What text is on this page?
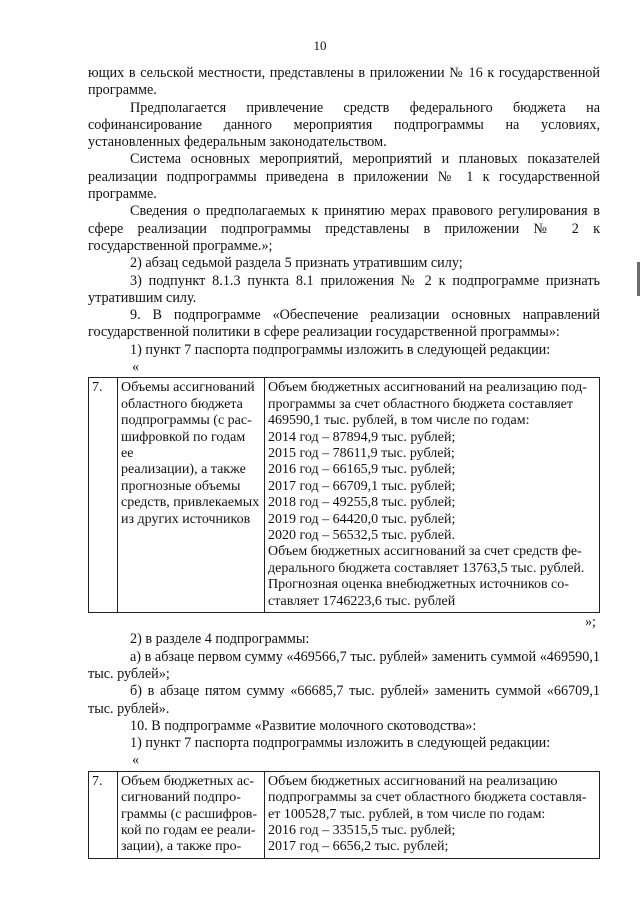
10

ющих в сельской местности, представлены в приложении № 16 к государственной программе.

Предполагается привлечение средств федерального бюджета на софинансирование данного мероприятия подпрограммы на условиях, установленных федеральным законодательством.

Система основных мероприятий, мероприятий и плановых показателей реализации подпрограммы приведена в приложении № 1 к государственной программе.

Сведения о предполагаемых к принятию мерах правового регулирования в сфере реализации подпрограммы представлены в приложении № 2 к государственной программе.»;

2) абзац седьмой раздела 5 признать утратившим силу;

3) подпункт 8.1.3 пункта 8.1 приложения № 2 к подпрограмме признать утратившим силу.

9. В подпрограмме «Обеспечение реализации основных направлений государственной политики в сфере реализации государственной программы»:

1) пункт 7 паспорта подпрограммы изложить в следующей редакции:

«

7.	Объемы ассигнований
областного бюджета
подпрограммы (с рас-
шифровкой по годам ее
реализации), а также
прогнозные объемы
средств, привлекаемых
из других источников

Объем бюджетных ассигнований на реализацию под-
программы за счет областного бюджета составляет
469590,1 тыс. рублей, в том числе по годам:
2014 год – 87894,9 тыс. рублей;
2015 год – 78611,9 тыс. рублей;
2016 год – 66165,9 тыс. рублей;
2017 год – 66709,1 тыс. рублей;
2018 год – 49255,8 тыс. рублей;
2019 год – 64420,0 тыс. рублей;
2020 год – 56532,5 тыс. рублей.
Объем бюджетных ассигнований за счет средств фе-
дерального бюджета составляет 13763,5 тыс. рублей.
Прогнозная оценка внебюджетных источников со-
ставляет 1746223,6 тыс. рублей

»;

2) в разделе 4 подпрограммы:

а) в абзаце первом сумму «469566,7 тыс. рублей» заменить суммой «469590,1 тыс. рублей»;

б) в абзаце пятом сумму «66685,7 тыс. рублей» заменить суммой «66709,1 тыс. рублей».

10. В подпрограмме «Развитие молочного скотоводства»:

1) пункт 7 паспорта подпрограммы изложить в следующей редакции:

«

7.	Объем бюджетных ас-
сигнований подпро-
граммы (с расшифров-
кой по годам ее реали-
зации), а также про-

Объем бюджетных ассигнований на реализацию
подпрограммы за счет областного бюджета составля-
ет 100528,7 тыс. рублей, в том числе по годам:
2016 год – 33515,5 тыс. рублей;
2017 год – 6656,2 тыс. рублей;
